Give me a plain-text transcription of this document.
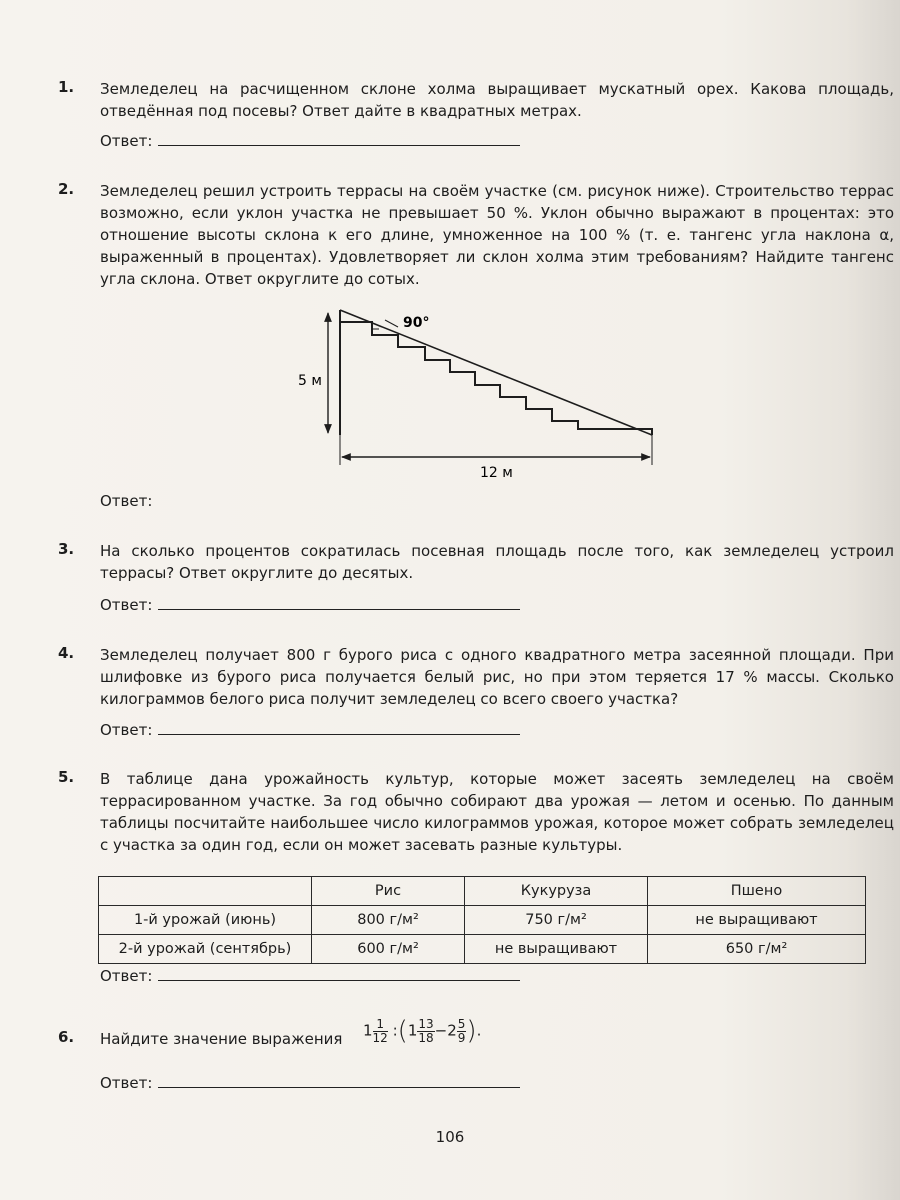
1. Земледелец на расчищенном склоне холма выращивает мускатный орех. Какова площадь, отведённая под посевы? Ответ дайте в квадратных метрах.
Ответ:
2. Земледелец решил устроить террасы на своём участке (см. рисунок ниже). Строительство террас возможно, если уклон участка не превышает 50 %. Уклон обычно выражают в процентах: это отношение высоты склона к его длине, умноженное на 100 % (т. е. тангенс угла наклона α, выраженный в процентах). Удовлетворяет ли склон холма этим требованиям? Найдите тангенс угла склона. Ответ округлите до сотых.
Ответ:
5 м
12 м
90°
3. На сколько процентов сократилась посевная площадь после того, как земледелец устроил террасы? Ответ округлите до десятых.
Ответ:
4. Земледелец получает 800 г бурого риса с одного квадратного метра засеянной площади. При шлифовке из бурого риса получается белый рис, но при этом теряется 17 % массы. Сколько килограммов белого риса получит земледелец со всего своего участка?
Ответ:
5. В таблице дана урожайность культур, которые может засеять земледелец на своём террасированном участке. За год обычно собирают два урожая — летом и осенью. По данным таблицы посчитайте наибольшее число килограммов урожая, которое может собрать земледелец с участка за один год, если он может засевать разные культуры.
Ответ:
	Рис	Кукуруза	Пшено
1-й урожай (июнь)	800 г/м²	750 г/м²	не выращивают
2-й урожай (сентябрь)	600 г/м²	не выращивают	650 г/м²
6. Найдите значение выражения
Ответ:
$1 \frac{1}{12}$ :(1 $\frac{13}{18} -2 \frac{5}{9}$ ).
106
